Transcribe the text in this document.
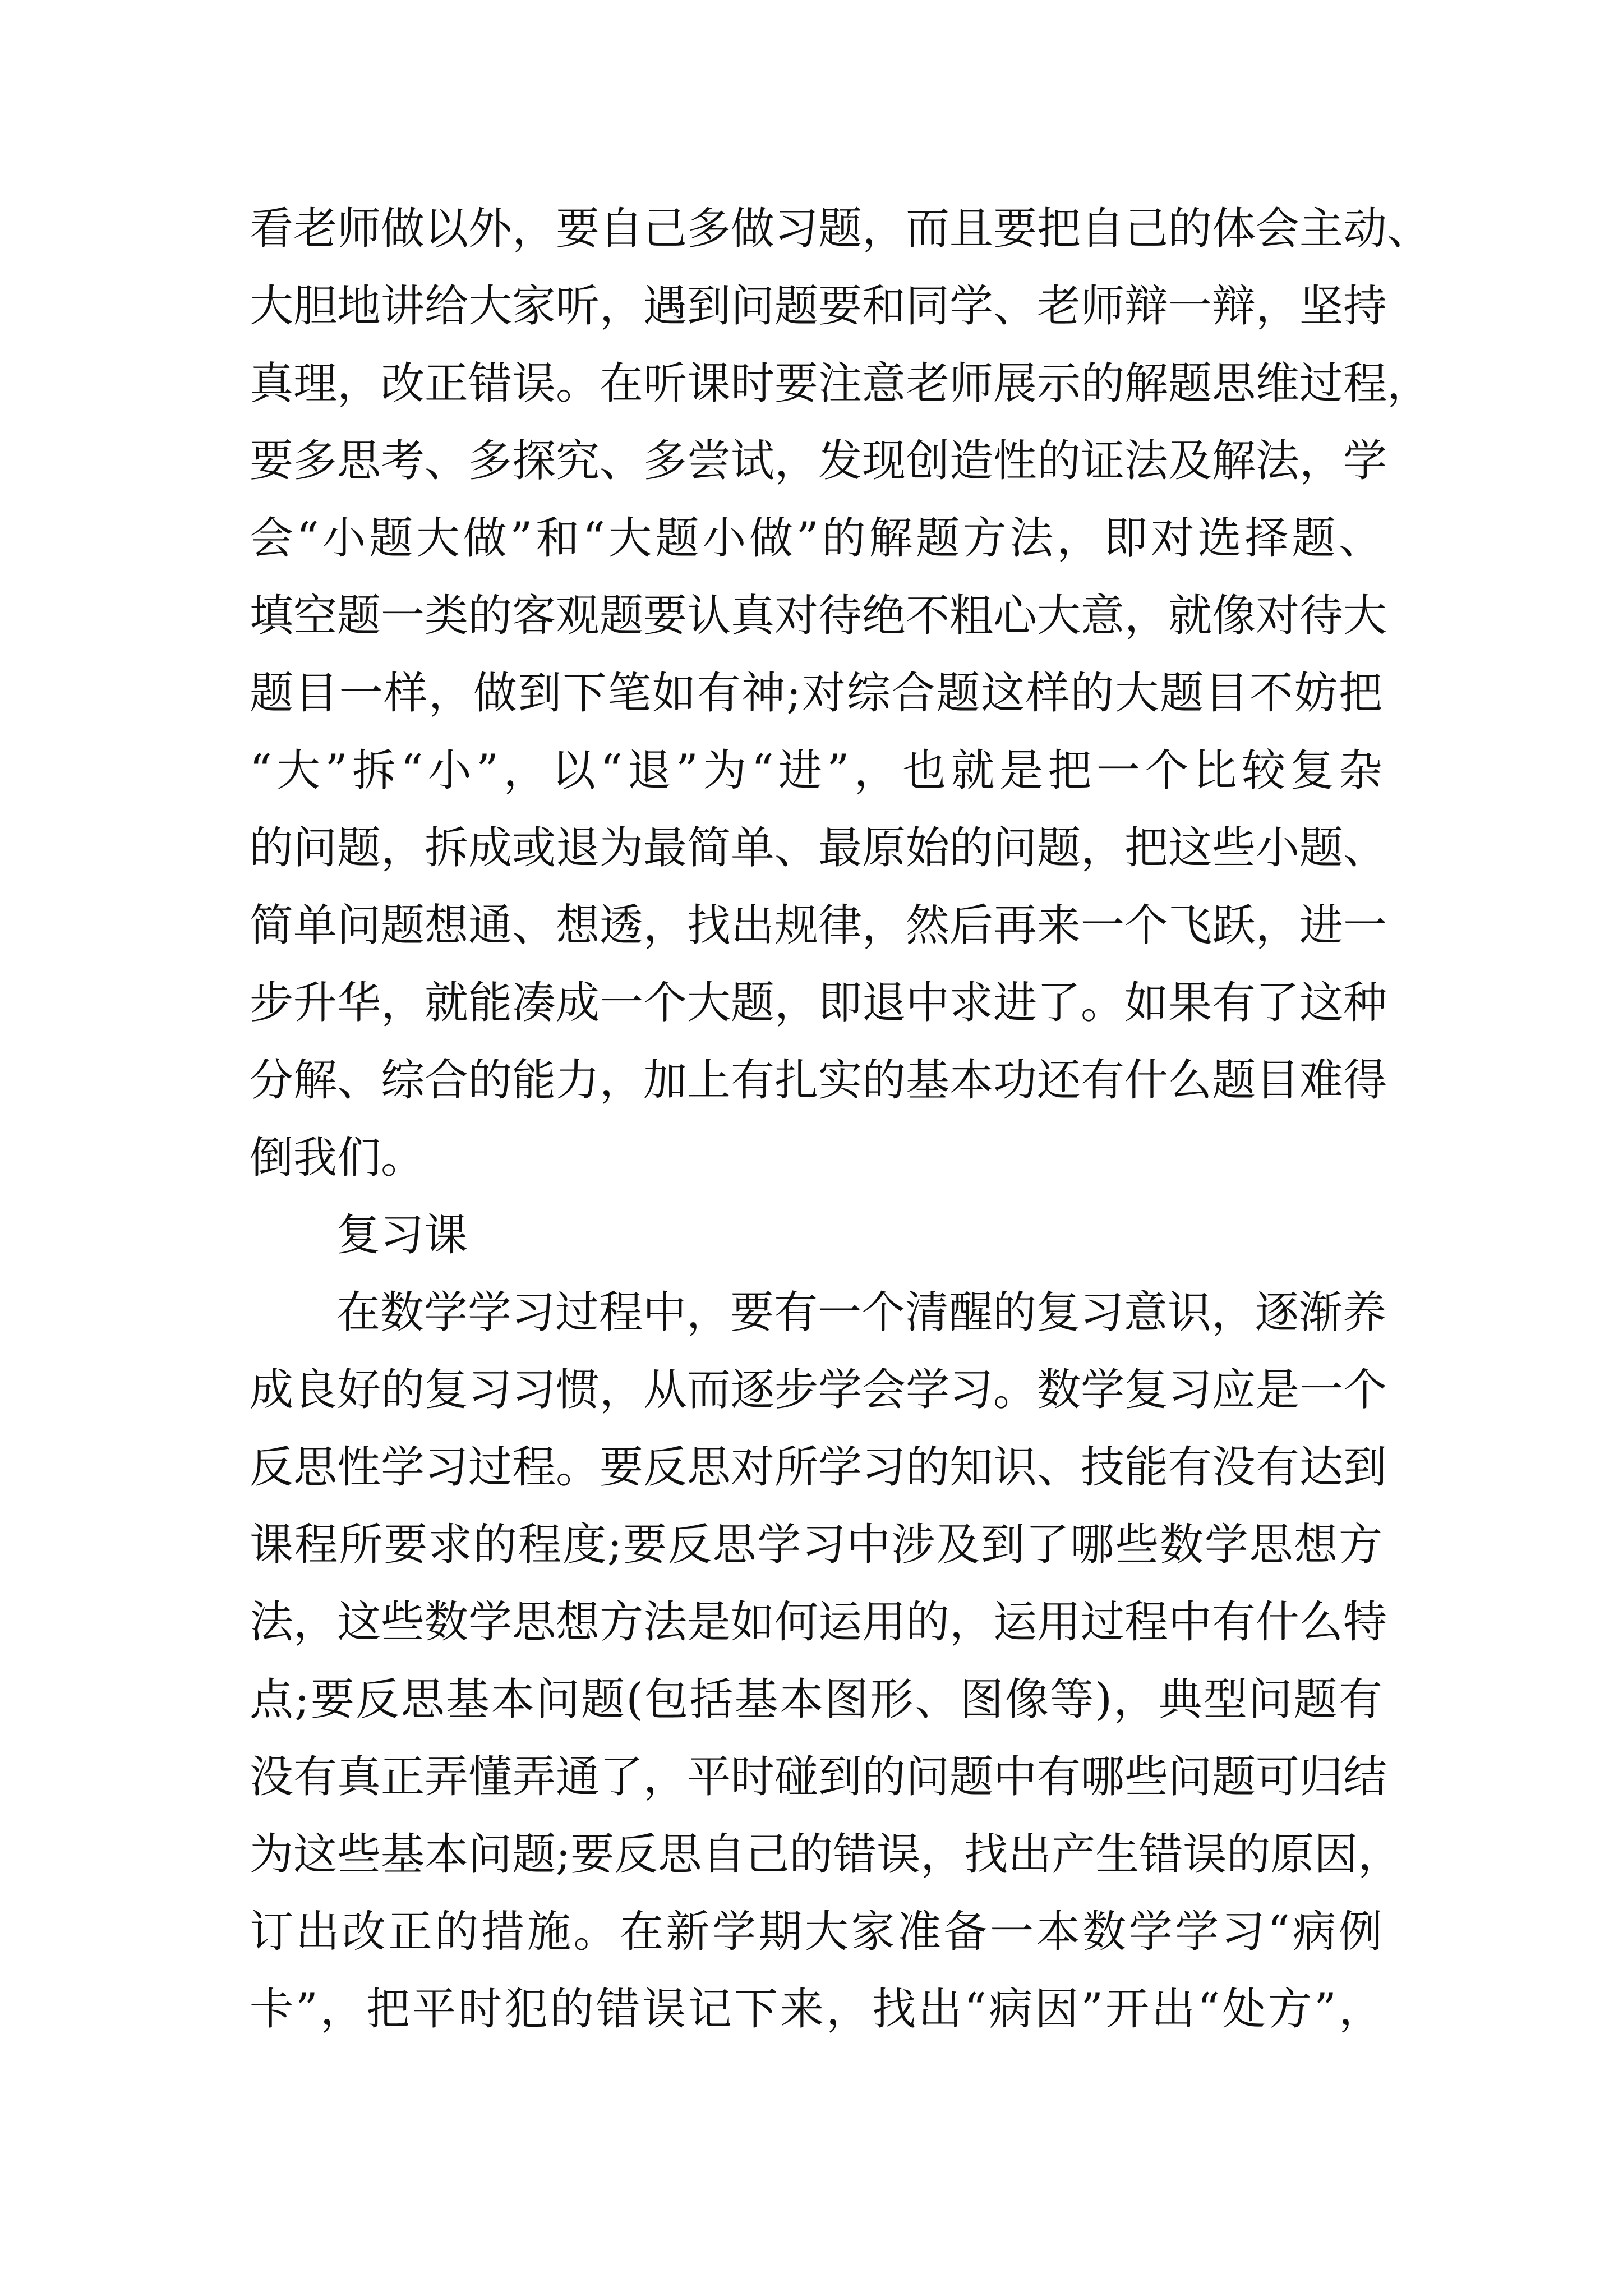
看老师做以外，要自己多做习题，而且要把自己的体会主动、

大胆地讲给大家听，遇到问题要和同学、老师辩一辩，坚持

真理，改正错误。在听课时要注意老师展示的解题思维过程，

要多思考、多探究、多尝试，发现创造性的证法及解法，学

会“小题大做”和“大题小做”的解题方法，即对选择题、

填空题一类的客观题要认真对待绝不粗心大意，就像对待大

题目一样，做到下笔如有神;对综合题这样的大题目不妨把

“大”拆“小”，以“退”为“进”，也就是把一个比较复杂

的问题，拆成或退为最简单、最原始的问题，把这些小题、

简单问题想通、想透，找出规律，然后再来一个飞跃，进一

步升华，就能凑成一个大题，即退中求进了。如果有了这种

分解、综合的能力，加上有扎实的基本功还有什么题目难得

倒我们。

复习课

在数学学习过程中，要有一个清醒的复习意识，逐渐养

成良好的复习习惯，从而逐步学会学习。数学复习应是一个

反思性学习过程。要反思对所学习的知识、技能有没有达到

课程所要求的程度;要反思学习中涉及到了哪些数学思想方

法，这些数学思想方法是如何运用的，运用过程中有什么特

点;要反思基本问题(包括基本图形、图像等)，典型问题有

没有真正弄懂弄通了，平时碰到的问题中有哪些问题可归结

为这些基本问题;要反思自己的错误，找出产生错误的原因，

订出改正的措施。在新学期大家准备一本数学学习“病例

卡”，把平时犯的错误记下来，找出“病因”开出“处方”，
